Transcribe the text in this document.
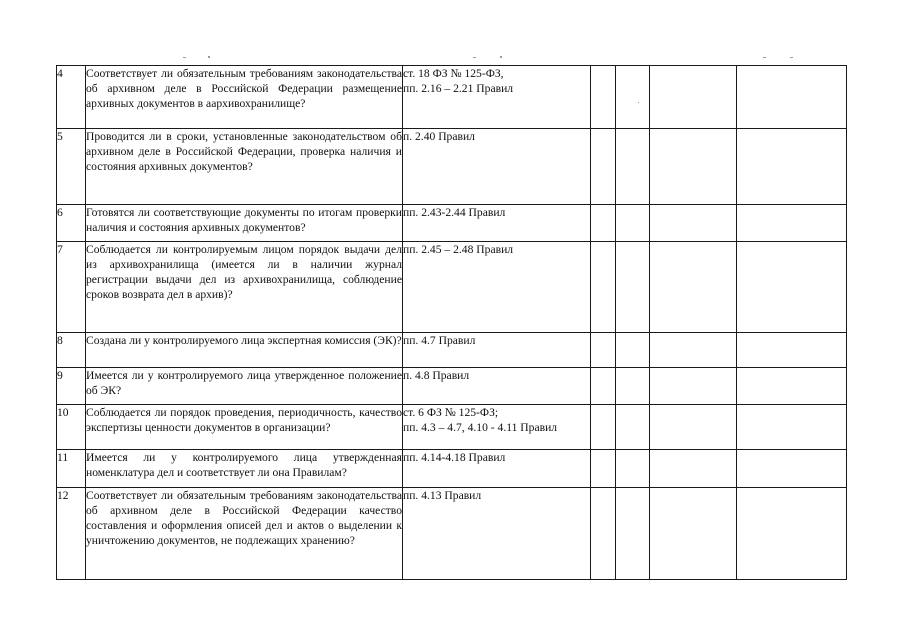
4	Соответствует ли обязательным требованиям законодательства об архивном деле в Российской Федерации размещение архивных документов в аархивохранилище?	ст. 18 ФЗ № 125-ФЗ,
пп. 2.16 – 2.21 Правил				

5	Проводится ли в сроки, установленные законодательством об архивном деле в Российской Федерации, проверка наличия и состояния архивных документов?	п. 2.40 Правил				

6	Готовятся ли соответствующие документы по итогам проверки наличия и состояния архивных документов?	пп. 2.43-2.44 Правил				

7	Соблюдается ли контролируемым лицом порядок выдачи дел из архивохранилища (имеется ли в наличии журнал регистрации выдачи дел из архивохранилища, соблюдение сроков возврата дел в архив)?	пп. 2.45 – 2.48 Правил				

8	Создана ли у контролируемого лица экспертная комиссия (ЭК)?	пп. 4.7 Правил				

9	Имеется ли у контролируемого лица утвержденное положение об ЭК?	п. 4.8 Правил				

10	Соблюдается ли порядок проведения, периодичность, качество экспертизы ценности документов в организации?	ст. 6 ФЗ № 125-ФЗ;
пп. 4.3 – 4.7, 4.10 - 4.11 Правил				

11	Имеется ли у контролируемого лица утвержденная номенклатура дел и соответствует ли она Правилам?	пп. 4.14-4.18 Правил				

12	Соответствует ли обязательным требованиям законодательства об архивном деле в Российской Федерации качество составления и оформления описей дел и актов о выделении к уничтожению документов, не подлежащих хранению?	пп. 4.13 Правил				
